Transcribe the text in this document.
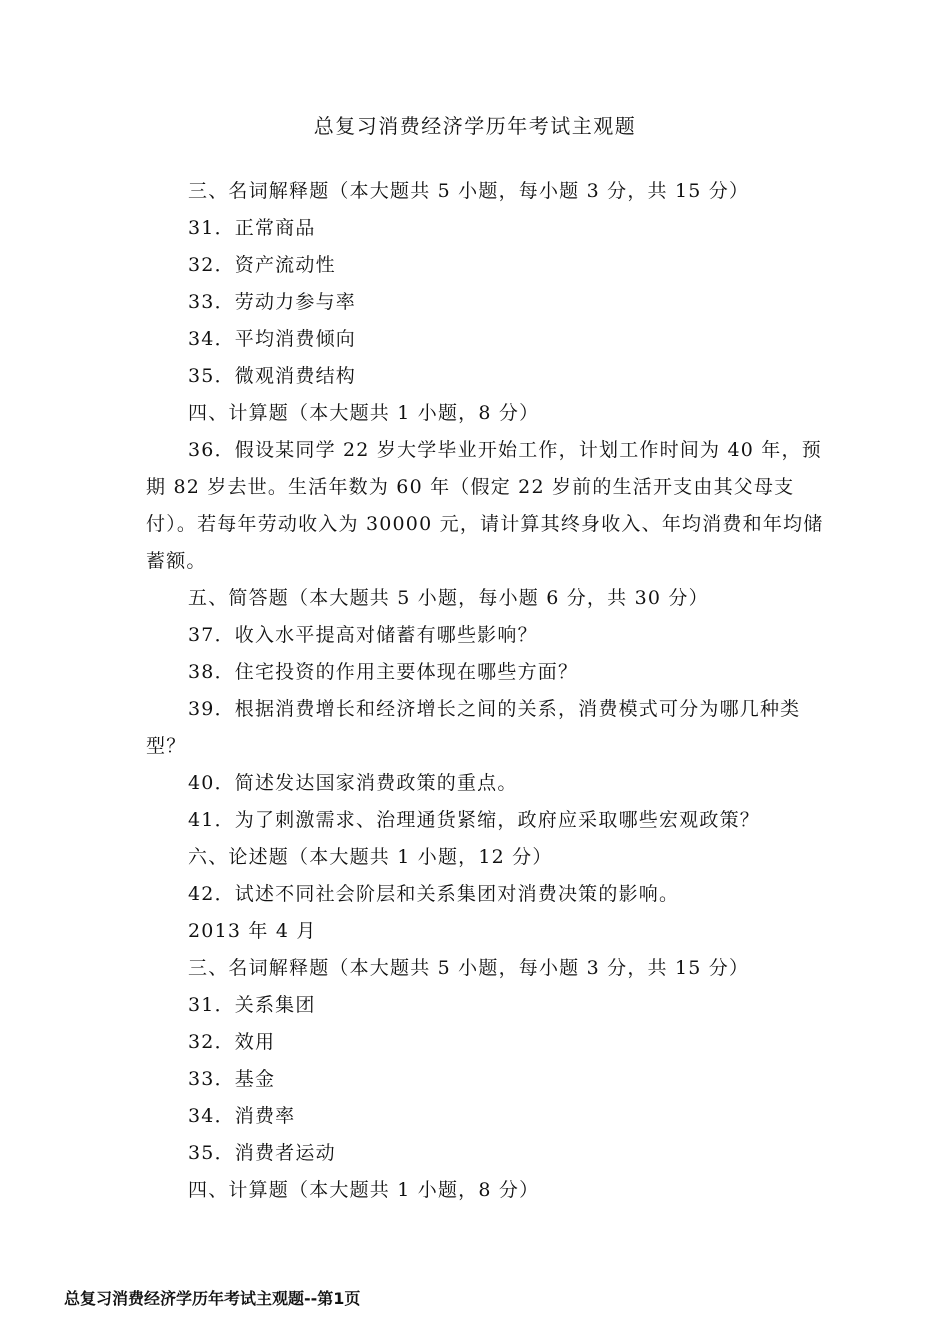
总复习消费经济学历年考试主观题

三、名词解释题（本大题共 5 小题，每小题 3 分，共 15 分）

31．正常商品

32．资产流动性

33．劳动力参与率

34．平均消费倾向

35．微观消费结构

四、计算题（本大题共 1 小题，8 分）

36．假设某同学 22 岁大学毕业开始工作，计划工作时间为 40 年，预期 82 岁去世。生活年数为 60 年（假定 22 岁前的生活开支由其父母支付）。若每年劳动收入为 30000 元，请计算其终身收入、年均消费和年均储蓄额。

五、简答题（本大题共 5 小题，每小题 6 分，共 30 分）

37．收入水平提高对储蓄有哪些影响？

38．住宅投资的作用主要体现在哪些方面？

39．根据消费增长和经济增长之间的关系，消费模式可分为哪几种类型？

40．简述发达国家消费政策的重点。

41．为了刺激需求、治理通货紧缩，政府应采取哪些宏观政策？

六、论述题（本大题共 1 小题，12 分）

42．试述不同社会阶层和关系集团对消费决策的影响。

2013 年 4 月

三、名词解释题（本大题共 5 小题，每小题 3 分，共 15 分）

31．关系集团

32．效用

33．基金

34．消费率

35．消费者运动

四、计算题（本大题共 1 小题，8 分）

总复习消费经济学历年考试主观题--第1页
